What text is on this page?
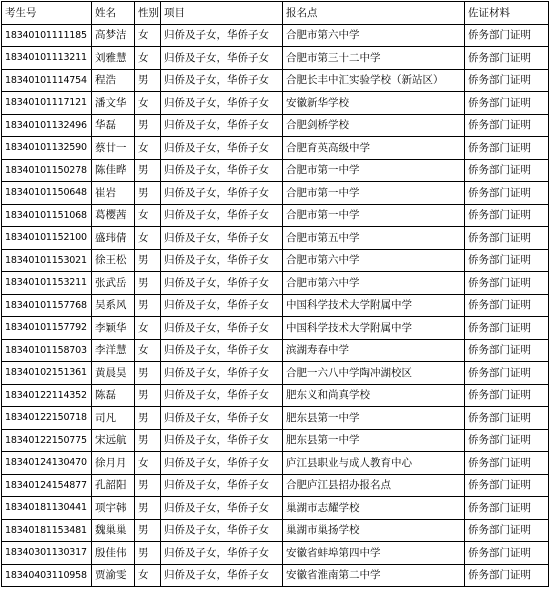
考生号	姓名	性别	项目	报名点	佐证材料
18340101111185	高梦洁	女	归侨及子女，华侨子女	合肥市第六中学	侨务部门证明
18340101113211	刘雅慧	女	归侨及子女，华侨子女	合肥市第三十二中学	侨务部门证明
18340101114754	程浩	男	归侨及子女，华侨子女	合肥长丰中汇实验学校（新站区）	侨务部门证明
18340101117121	潘文华	女	归侨及子女，华侨子女	安徽新华学校	侨务部门证明
18340101132496	华磊	男	归侨及子女，华侨子女	合肥剑桥学校	侨务部门证明
18340101132590	蔡廿一	女	归侨及子女，华侨子女	合肥育英高级中学	侨务部门证明
18340101150278	陈佳晔	男	归侨及子女，华侨子女	合肥市第一中学	侨务部门证明
18340101150648	崔岩	男	归侨及子女，华侨子女	合肥市第一中学	侨务部门证明
18340101151068	葛樱茜	女	归侨及子女，华侨子女	合肥市第一中学	侨务部门证明
18340101152100	盛玮倩	女	归侨及子女，华侨子女	合肥市第五中学	侨务部门证明
18340101153021	徐王松	男	归侨及子女，华侨子女	合肥市第六中学	侨务部门证明
18340101153211	张武岳	男	归侨及子女，华侨子女	合肥市第六中学	侨务部门证明
18340101157768	吴系风	男	归侨及子女，华侨子女	中国科学技术大学附属中学	侨务部门证明
18340101157792	李颖华	女	归侨及子女，华侨子女	中国科学技术大学附属中学	侨务部门证明
18340101158703	李洋慧	女	归侨及子女，华侨子女	滨湖寿春中学	侨务部门证明
18340102151361	黄晨昊	男	归侨及子女，华侨子女	合肥一六八中学陶冲湖校区	侨务部门证明
18340122114352	陈磊	男	归侨及子女，华侨子女	肥东义和尚真学校	侨务部门证明
18340122150718	司凡	男	归侨及子女，华侨子女	肥东县第一中学	侨务部门证明
18340122150775	宋远航	男	归侨及子女，华侨子女	肥东县第一中学	侨务部门证明
18340124130470	徐月月	女	归侨及子女，华侨子女	庐江县职业与成人教育中心	侨务部门证明
18340124154877	孔韶阳	男	归侨及子女，华侨子女	合肥庐江县招办报名点	侨务部门证明
18340181130441	项宇韩	男	归侨及子女，华侨子女	巢湖市志耀学校	侨务部门证明
18340181153481	魏巢巢	男	归侨及子女，华侨子女	巢湖市巢扬学校	侨务部门证明
18340301130317	殷佳伟	男	归侨及子女，华侨子女	安徽省蚌埠第四中学	侨务部门证明
18340403110958	贾渝雯	女	归侨及子女，华侨子女	安徽省淮南第二中学	侨务部门证明
